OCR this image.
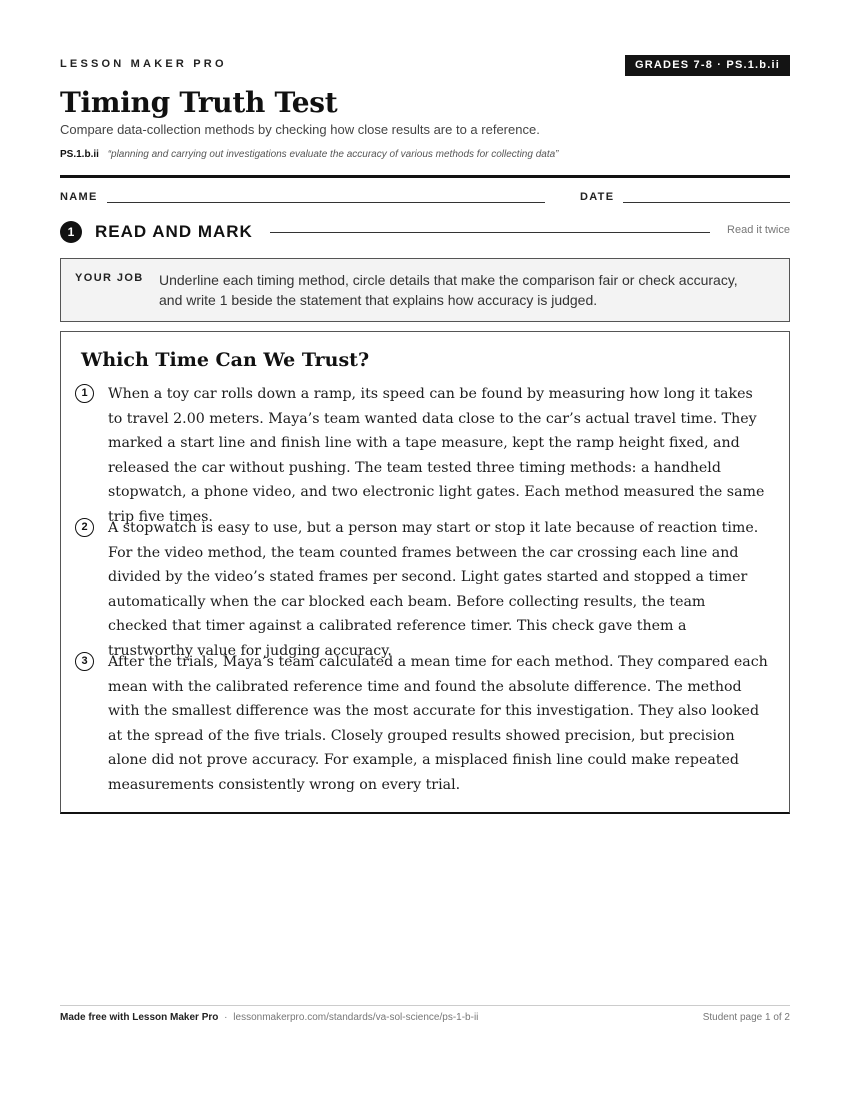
LESSON MAKER PRO	GRADES 7-8 · PS.1.b.ii
Timing Truth Test
Compare data-collection methods by checking how close results are to a reference.
PS.1.b.ii “planning and carrying out investigations evaluate the accuracy of various methods for collecting data”
NAME	DATE
1	READ AND MARK	Read it twice
YOUR JOB Underline each timing method, circle details that make the comparison fair or check accuracy, and write 1 beside the statement that explains how accuracy is judged.
Which Time Can We Trust?
1	When a toy car rolls down a ramp, its speed can be found by measuring how long it takes to travel 2.00 meters. Maya’s team wanted data close to the car’s actual travel time. They marked a start line and finish line with a tape measure, kept the ramp height fixed, and released the car without pushing. The team tested three timing methods: a handheld stopwatch, a phone video, and two electronic light gates. Each method measured the same trip five times.
2	A stopwatch is easy to use, but a person may start or stop it late because of reaction time. For the video method, the team counted frames between the car crossing each line and divided by the video’s stated frames per second. Light gates started and stopped a timer automatically when the car blocked each beam. Before collecting results, the team checked that timer against a calibrated reference timer. This check gave them a trustworthy value for judging accuracy.
3	After the trials, Maya’s team calculated a mean time for each method. They compared each mean with the calibrated reference time and found the absolute difference. The method with the smallest difference was the most accurate for this investigation. They also looked at the spread of the five trials. Closely grouped results showed precision, but precision alone did not prove accuracy. For example, a misplaced finish line could make repeated measurements consistently wrong on every trial.
Made free with Lesson Maker Pro · lessonmakerpro.com/standards/va-sol-science/ps-1-b-ii	Student page 1 of 2
